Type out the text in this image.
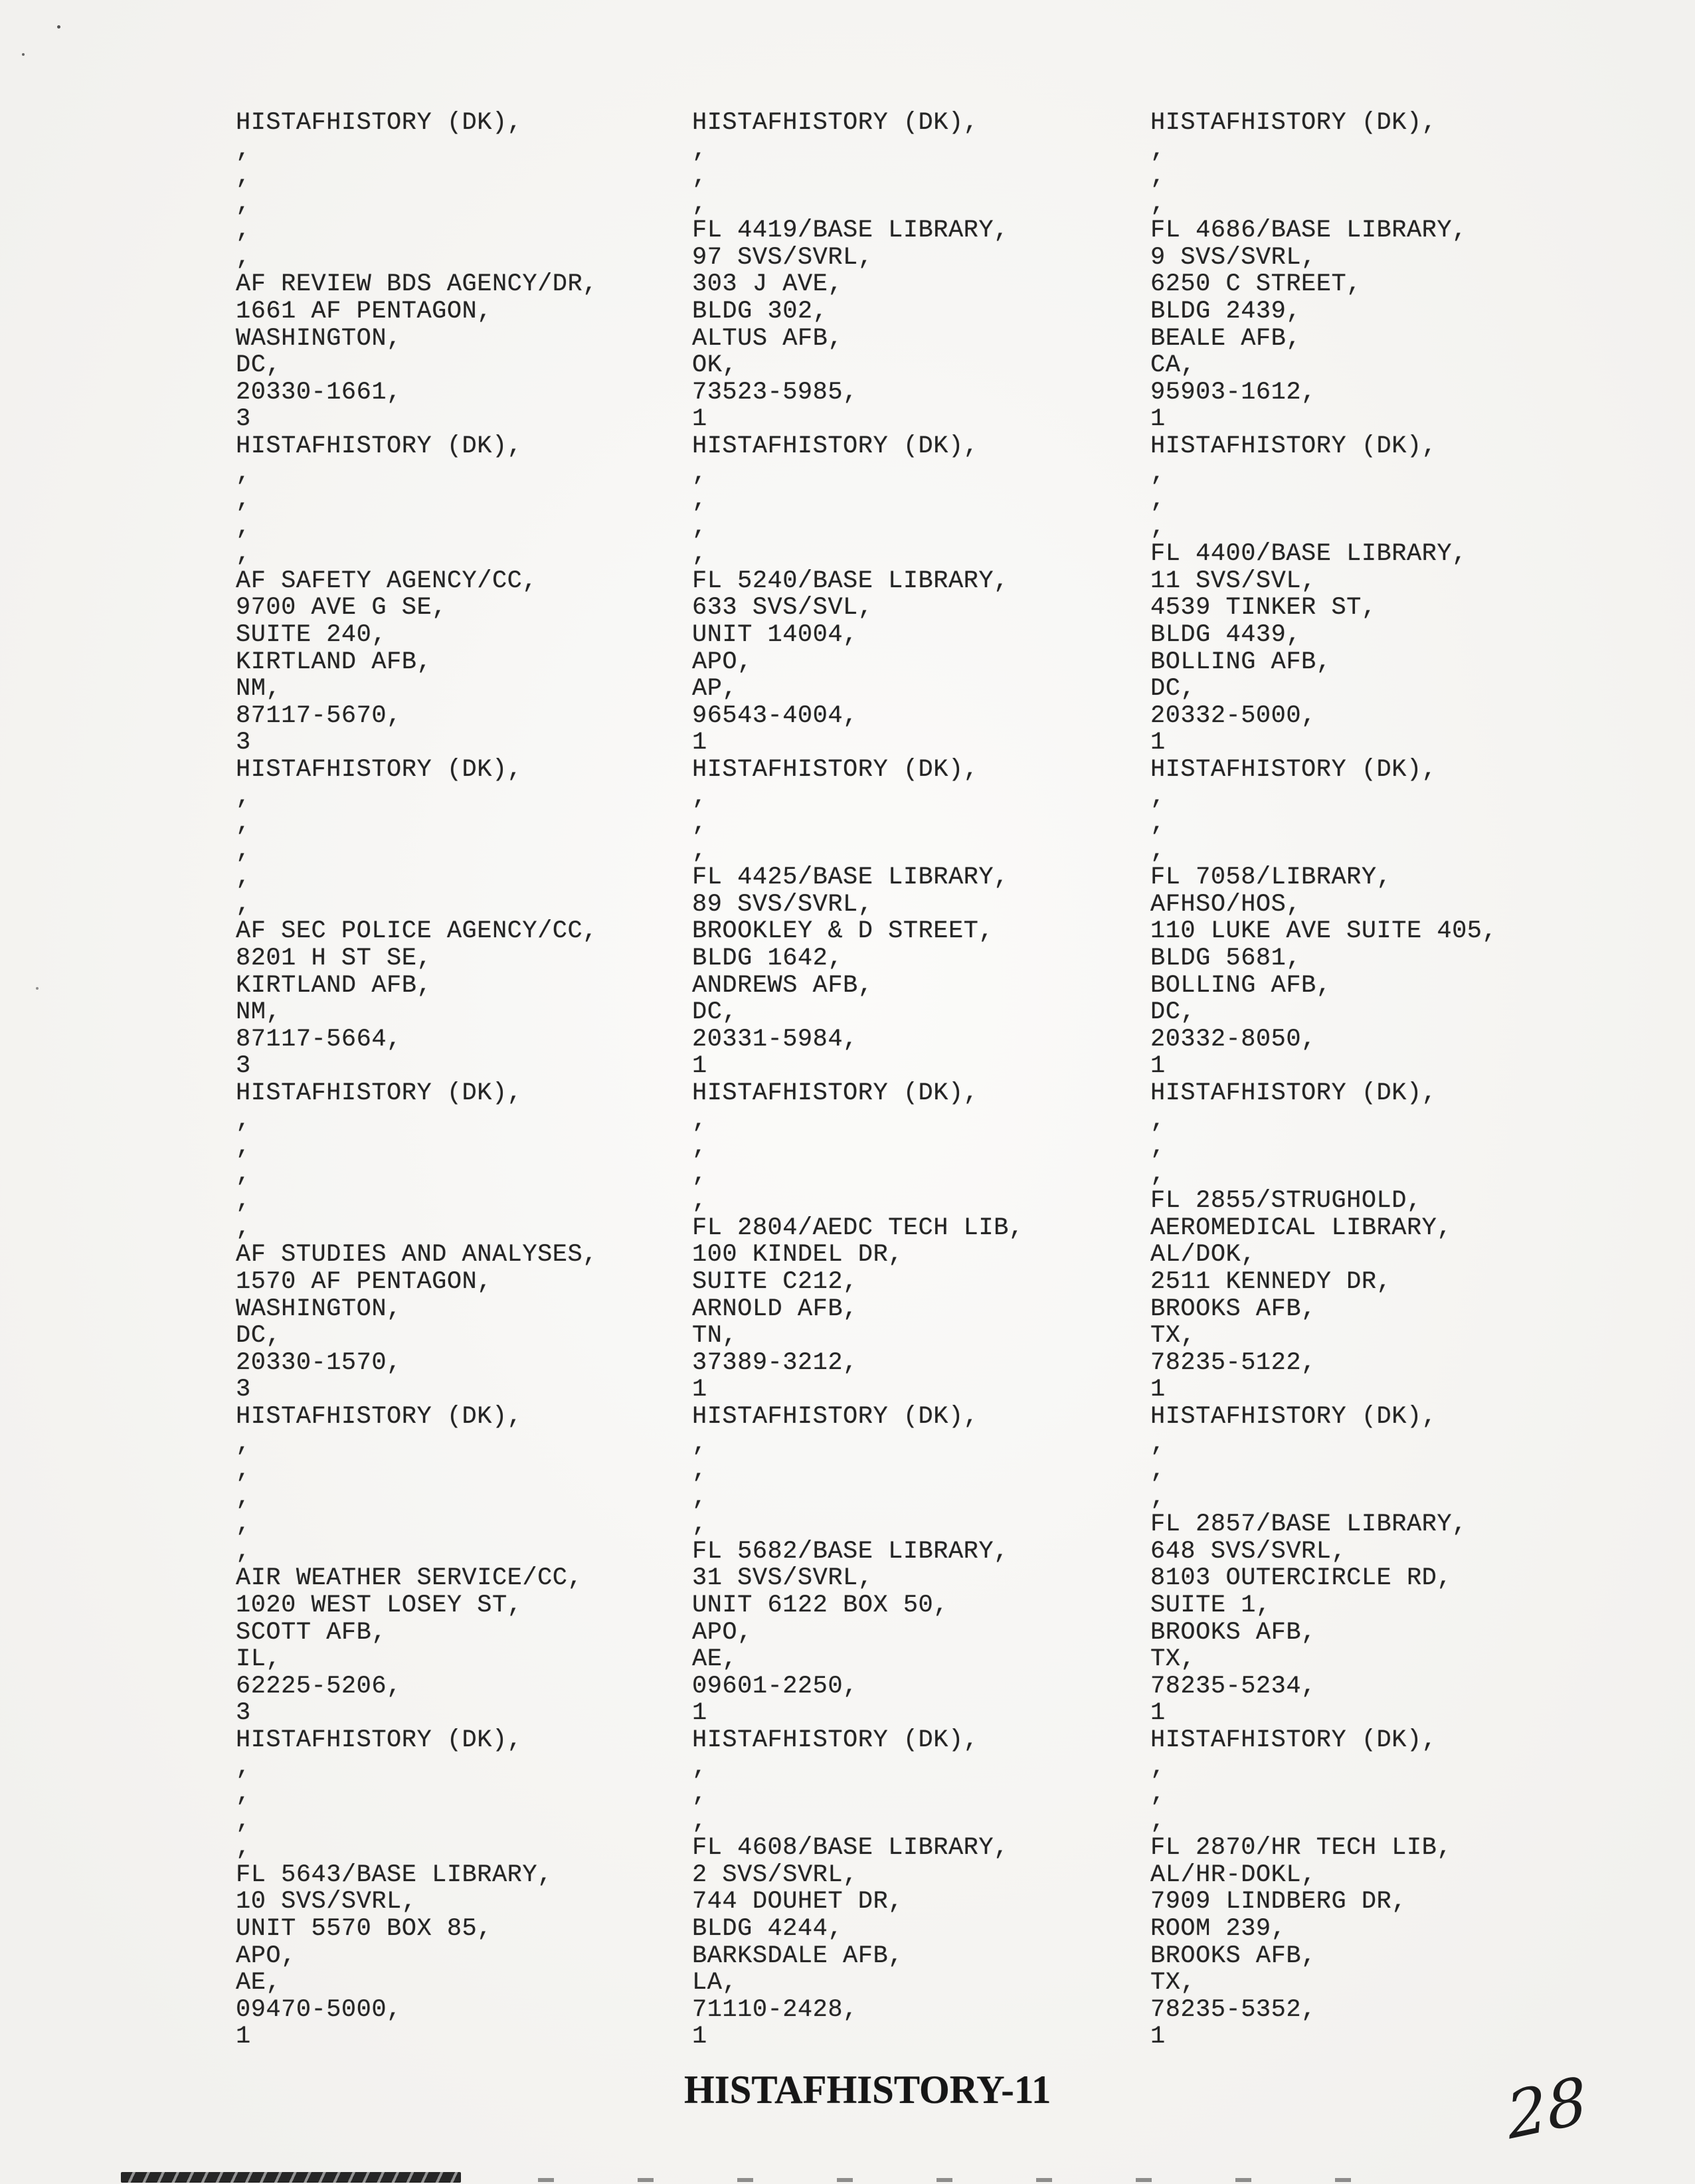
HISTAFHISTORY-11	28
HISTAFHISTORY (DK),
,
,
,
,
,
AF REVIEW BDS AGENCY/DR,
1661 AF PENTAGON,
WASHINGTON,
DC,
20330-1661,
3
HISTAFHISTORY (DK),
,
,
,
FL 4419/BASE LIBRARY,
97 SVS/SVRL,
303 J AVE,
BLDG 302,
ALTUS AFB,
OK,
73523-5985,
1
HISTAFHISTORY (DK),
,
,
,
FL 4686/BASE LIBRARY,
9 SVS/SVRL,
6250 C STREET,
BLDG 2439,
BEALE AFB,
CA,
95903-1612,
1
HISTAFHISTORY (DK),
,
,
,
,
AF SAFETY AGENCY/CC,
9700 AVE G SE,
SUITE 240,
KIRTLAND AFB,
NM,
87117-5670,
3
HISTAFHISTORY (DK),
,
,
,
,
FL 5240/BASE LIBRARY,
633 SVS/SVL,
UNIT 14004,
APO,
AP,
96543-4004,
1
HISTAFHISTORY (DK),
,
,
,
FL 4400/BASE LIBRARY,
11 SVS/SVL,
4539 TINKER ST,
BLDG 4439,
BOLLING AFB,
DC,
20332-5000,
1
HISTAFHISTORY (DK),
,
,
,
,
,
AF SEC POLICE AGENCY/CC,
8201 H ST SE,
KIRTLAND AFB,
NM,
87117-5664,
3
HISTAFHISTORY (DK),
,
,
,
FL 4425/BASE LIBRARY,
89 SVS/SVRL,
BROOKLEY & D STREET,
BLDG 1642,
ANDREWS AFB,
DC,
20331-5984,
1
HISTAFHISTORY (DK),
,
,
,
FL 7058/LIBRARY,
AFHSO/HOS,
110 LUKE AVE SUITE 405,
BLDG 5681,
BOLLING AFB,
DC,
20332-8050,
1
HISTAFHISTORY (DK),
,
,
,
,
,
AF STUDIES AND ANALYSES,
1570 AF PENTAGON,
WASHINGTON,
DC,
20330-1570,
3
HISTAFHISTORY (DK),
,
,
,
,
FL 2804/AEDC TECH LIB,
100 KINDEL DR,
SUITE C212,
ARNOLD AFB,
TN,
37389-3212,
1
HISTAFHISTORY (DK),
,
,
,
FL 2855/STRUGHOLD,
AEROMEDICAL LIBRARY,
AL/DOK,
2511 KENNEDY DR,
BROOKS AFB,
TX,
78235-5122,
1
HISTAFHISTORY (DK),
,
,
,
,
,
AIR WEATHER SERVICE/CC,
1020 WEST LOSEY ST,
SCOTT AFB,
IL,
62225-5206,
3
HISTAFHISTORY (DK),
,
,
,
,
FL 5682/BASE LIBRARY,
31 SVS/SVRL,
UNIT 6122 BOX 50,
APO,
AE,
09601-2250,
1
HISTAFHISTORY (DK),
,
,
,
FL 2857/BASE LIBRARY,
648 SVS/SVRL,
8103 OUTERCIRCLE RD,
SUITE 1,
BROOKS AFB,
TX,
78235-5234,
1
HISTAFHISTORY (DK),
,
,
,
,
FL 5643/BASE LIBRARY,
10 SVS/SVRL,
UNIT 5570 BOX 85,
APO,
AE,
09470-5000,
1
HISTAFHISTORY (DK),
,
,
,
FL 4608/BASE LIBRARY,
2 SVS/SVRL,
744 DOUHET DR,
BLDG 4244,
BARKSDALE AFB,
LA,
71110-2428,
1
HISTAFHISTORY (DK),
,
,
,
FL 2870/HR TECH LIB,
AL/HR-DOKL,
7909 LINDBERG DR,
ROOM 239,
BROOKS AFB,
TX,
78235-5352,
1
